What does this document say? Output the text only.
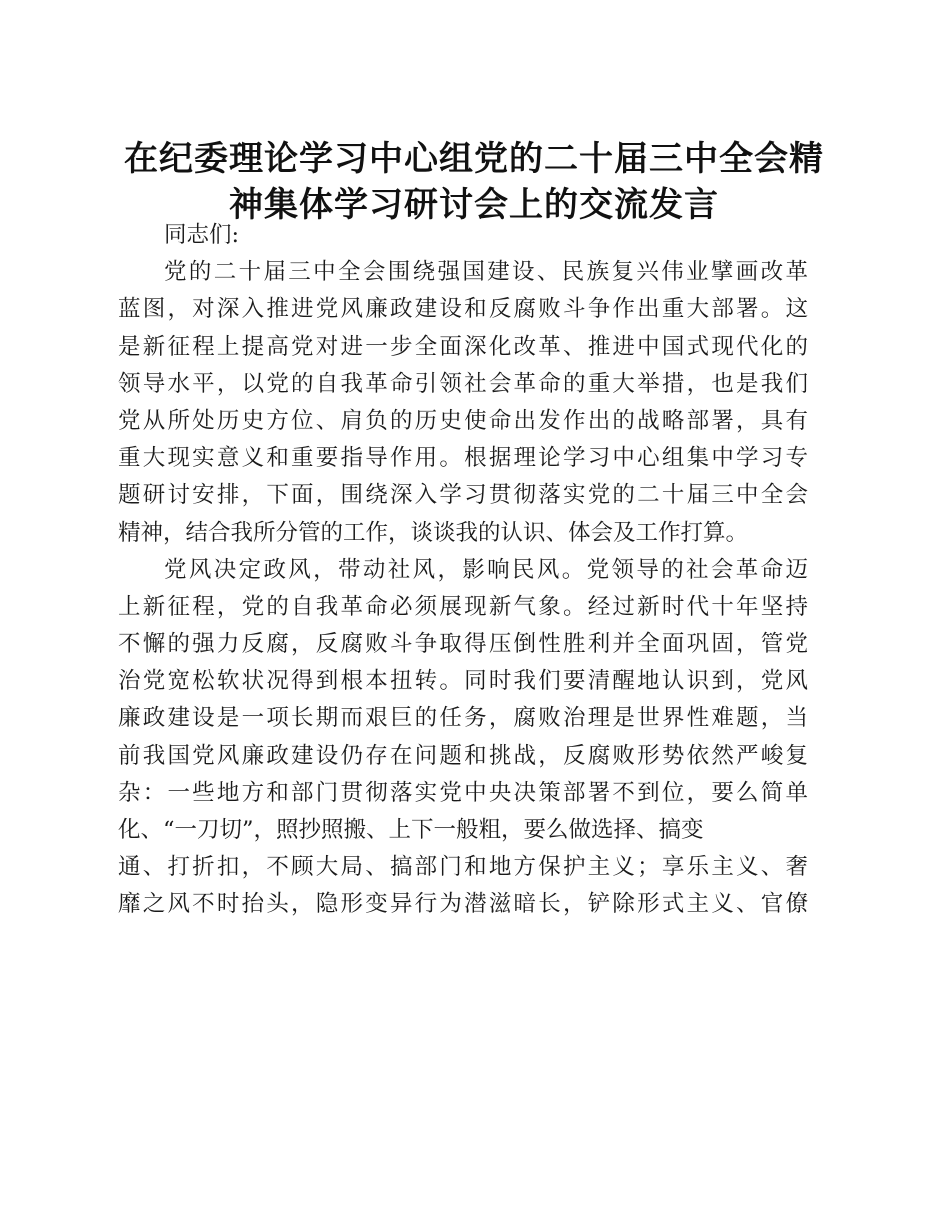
在纪委理论学习中心组党的二十届三中全会精
神集体学习研讨会上的交流发言
同志们:
党的二十届三中全会围绕强国建设、民族复兴伟业擘画改革
蓝图，对深入推进党风廉政建设和反腐败斗争作出重大部署。这
是新征程上提高党对进一步全面深化改革、推进中国式现代化的
领导水平，以党的自我革命引领社会革命的重大举措，也是我们
党从所处历史方位、肩负的历史使命出发作出的战略部署，具有
重大现实意义和重要指导作用。根据理论学习中心组集中学习专
题研讨安排，下面，围绕深入学习贯彻落实党的二十届三中全会
精神，结合我所分管的工作，谈谈我的认识、体会及工作打算。
党风决定政风，带动社风，影响民风。党领导的社会革命迈
上新征程，党的自我革命必须展现新气象。经过新时代十年坚持
不懈的强力反腐，反腐败斗争取得压倒性胜利并全面巩固，管党
治党宽松软状况得到根本扭转。同时我们要清醒地认识到，党风
廉政建设是一项长期而艰巨的任务，腐败治理是世界性难题，当
前我国党风廉政建设仍存在问题和挑战，反腐败形势依然严峻复
杂：一些地方和部门贯彻落实党中央决策部署不到位，要么简单
化、“一刀切”，照抄照搬、上下一般粗，要么做选择、搞变
通、打折扣，不顾大局、搞部门和地方保护主义；享乐主义、奢
靡之风不时抬头，隐形变异行为潜滋暗长，铲除形式主义、官僚
